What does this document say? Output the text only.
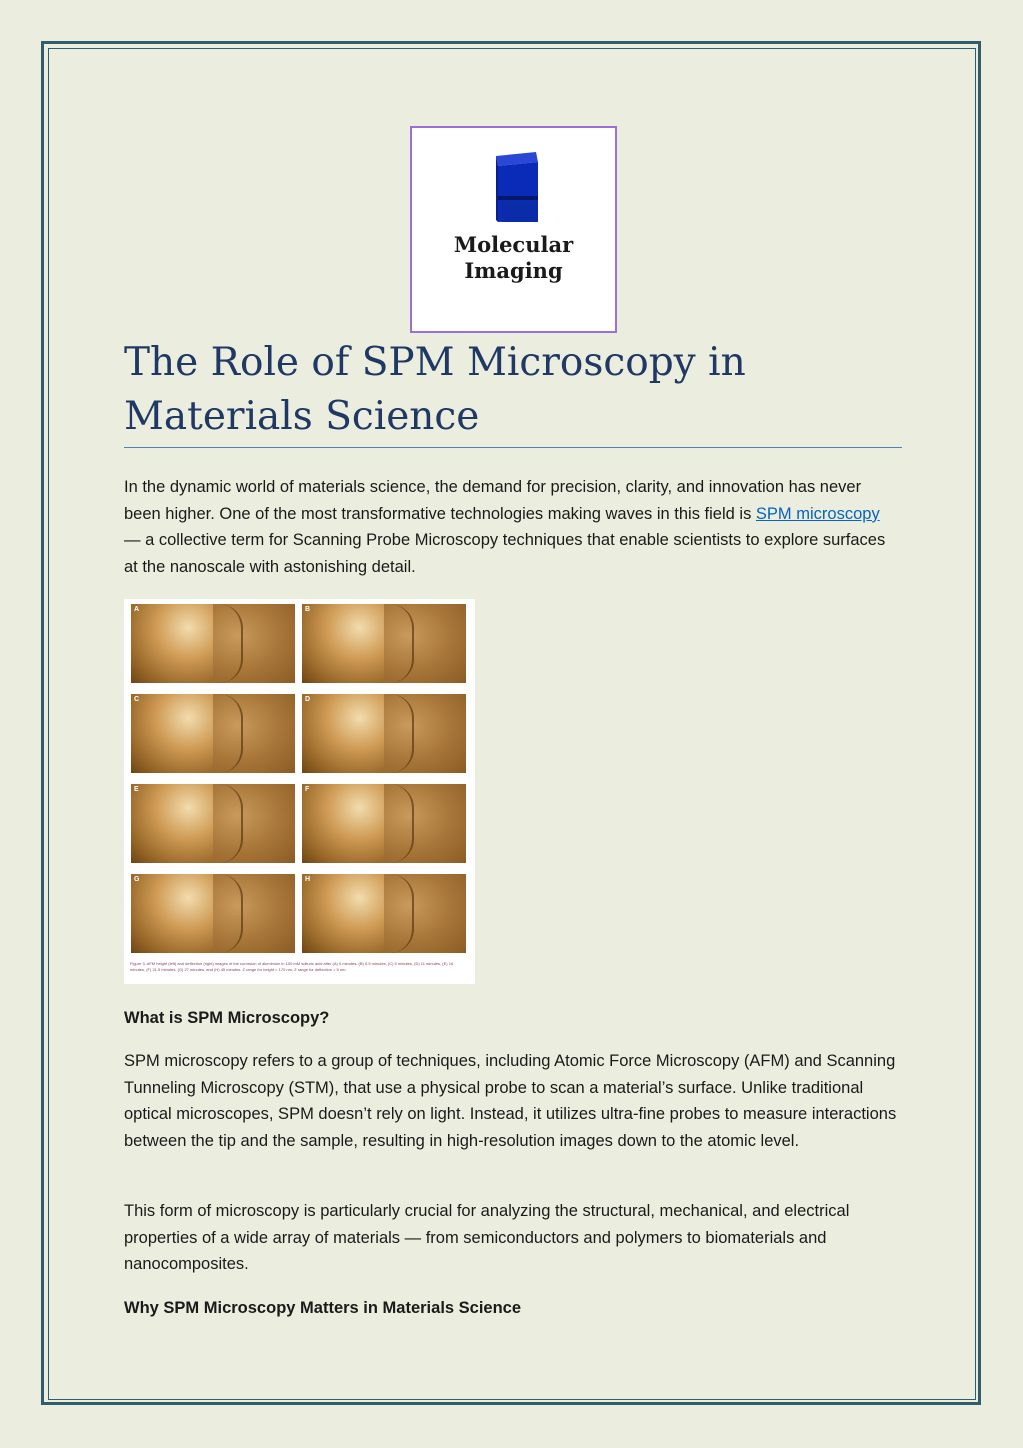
Molecular
Imaging
The Role of SPM Microscopy in
Materials Science

In the dynamic world of materials science, the demand for precision, clarity, and innovation has never been higher. One of the most transformative technologies making waves in this field is SPM microscopy — a collective term for Scanning Probe Microscopy techniques that enable scientists to explore surfaces at the nanoscale with astonishing detail.

A	B
C	D
E	F
G	H
Figure 3. AFM height (left) and deflection (right) images of the corrosion of aluminium in 100 mM sulfuric acid after (A) 0 minutes, (B) 0.5 minutes, (C) 5 minutes, (D) 11 minutes, (E) 16 minutes, (F) 21.5 minutes, (G) 27 minutes, and (H) 45 minutes. Z range for height = 170 nm, Z range for deflection = 5 nm.
What is SPM Microscopy?

SPM microscopy refers to a group of techniques, including Atomic Force Microscopy (AFM) and Scanning Tunneling Microscopy (STM), that use a physical probe to scan a material’s surface. Unlike traditional optical microscopes, SPM doesn’t rely on light. Instead, it utilizes ultra-fine probes to measure interactions between the tip and the sample, resulting in high-resolution images down to the atomic level.

This form of microscopy is particularly crucial for analyzing the structural, mechanical, and electrical properties of a wide array of materials — from semiconductors and polymers to biomaterials and nanocomposites.

Why SPM Microscopy Matters in Materials Science
